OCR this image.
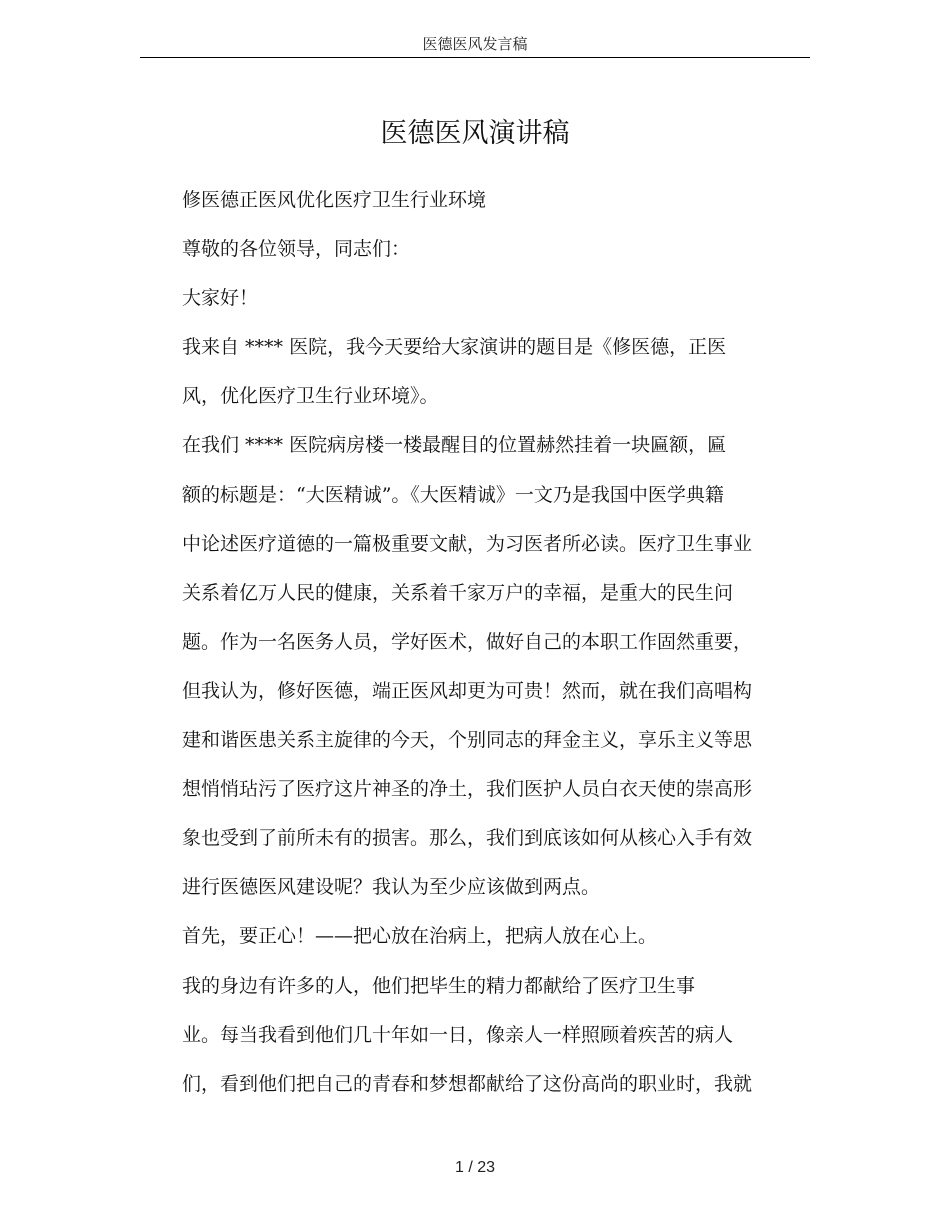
医德医风发言稿
医德医风演讲稿

修医德正医风优化医疗卫生行业环境

尊敬的各位领导，同志们：

大家好！

我来自 **** 医院，我今天要给大家演讲的题目是《修医德，正医
风，优化医疗卫生行业环境》。

在我们 **** 医院病房楼一楼最醒目的位置赫然挂着一块匾额，匾
额的标题是：“大医精诚”。《大医精诚》一文乃是我国中医学典籍
中论述医疗道德的一篇极重要文献，为习医者所必读。医疗卫生事业
关系着亿万人民的健康，关系着千家万户的幸福，是重大的民生问
题。作为一名医务人员，学好医术，做好自己的本职工作固然重要，
但我认为，修好医德，端正医风却更为可贵！然而，就在我们高唱构
建和谐医患关系主旋律的今天，个别同志的拜金主义，享乐主义等思
想悄悄玷污了医疗这片神圣的净土，我们医护人员白衣天使的崇高形
象也受到了前所未有的损害。那么，我们到底该如何从核心入手有效
进行医德医风建设呢？我认为至少应该做到两点。

首先，要正心！——把心放在治病上，把病人放在心上。

我的身边有许多的人，他们把毕生的精力都献给了医疗卫生事
业。每当我看到他们几十年如一日，像亲人一样照顾着疾苦的病人
们，看到他们把自己的青春和梦想都献给了这份高尚的职业时，我就

1 / 23
